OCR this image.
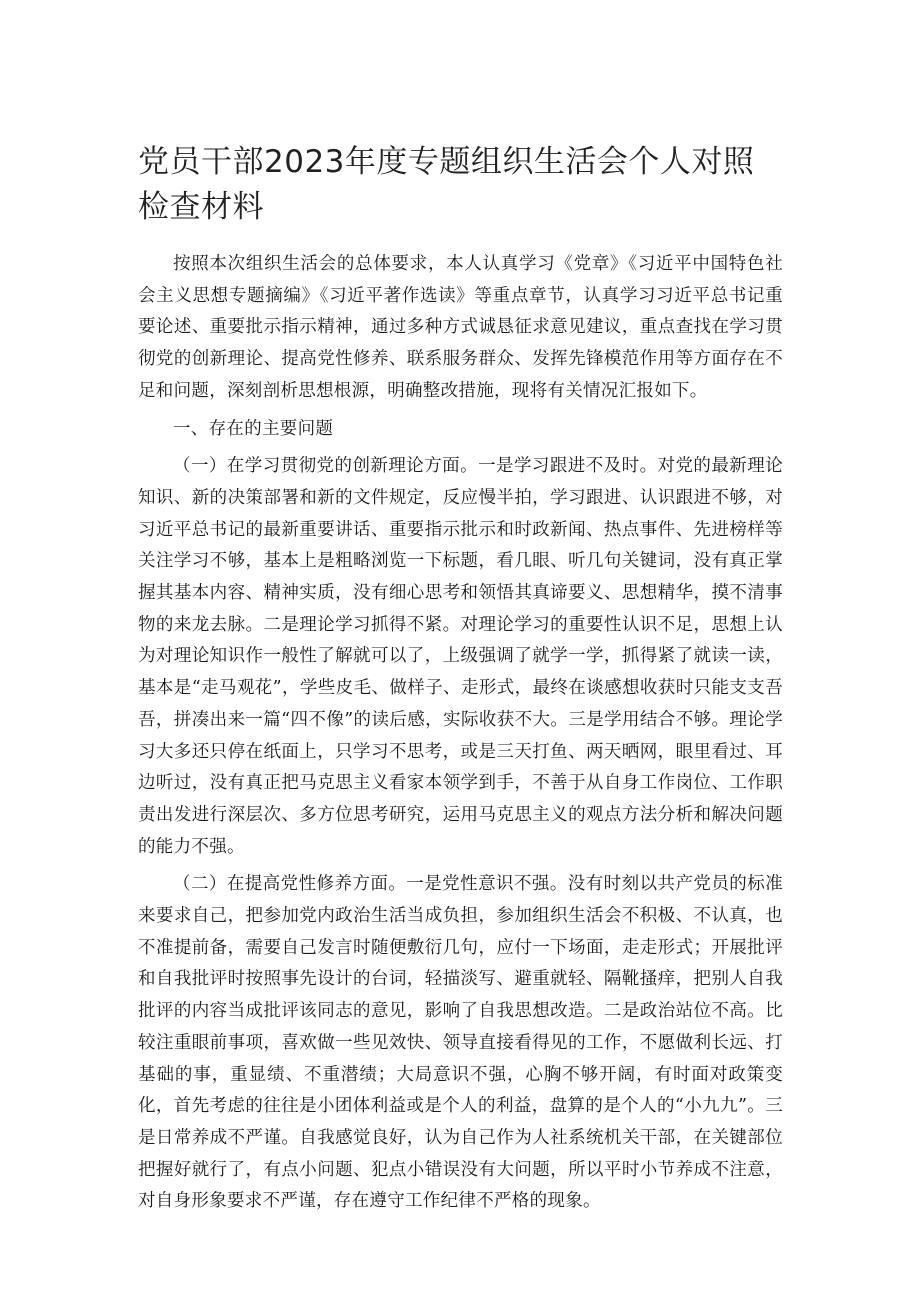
党员干部2023年度专题组织生活会个人对照检查材料

按照本次组织生活会的总体要求，本人认真学习《党章》《习近平中国特色社会主义思想专题摘编》《习近平著作选读》等重点章节，认真学习习近平总书记重要论述、重要批示指示精神，通过多种方式诚恳征求意见建议，重点查找在学习贯彻党的创新理论、提高党性修养、联系服务群众、发挥先锋模范作用等方面存在不足和问题，深刻剖析思想根源，明确整改措施，现将有关情况汇报如下。

一、存在的主要问题

（一）在学习贯彻党的创新理论方面。一是学习跟进不及时。对党的最新理论知识、新的决策部署和新的文件规定，反应慢半拍，学习跟进、认识跟进不够，对习近平总书记的最新重要讲话、重要指示批示和时政新闻、热点事件、先进榜样等关注学习不够，基本上是粗略浏览一下标题，看几眼、听几句关键词，没有真正掌握其基本内容、精神实质，没有细心思考和领悟其真谛要义、思想精华，摸不清事物的来龙去脉。二是理论学习抓得不紧。对理论学习的重要性认识不足，思想上认为对理论知识作一般性了解就可以了，上级强调了就学一学，抓得紧了就读一读，基本是“走马观花”，学些皮毛、做样子、走形式，最终在谈感想收获时只能支支吾吾，拼凑出来一篇“四不像”的读后感，实际收获不大。三是学用结合不够。理论学习大多还只停在纸面上，只学习不思考，或是三天打鱼、两天晒网，眼里看过、耳边听过，没有真正把马克思主义看家本领学到手，不善于从自身工作岗位、工作职责出发进行深层次、多方位思考研究，运用马克思主义的观点方法分析和解决问题的能力不强。

（二）在提高党性修养方面。一是党性意识不强。没有时刻以共产党员的标准来要求自己，把参加党内政治生活当成负担，参加组织生活会不积极、不认真，也不准提前备，需要自己发言时随便敷衍几句，应付一下场面，走走形式；开展批评和自我批评时按照事先设计的台词，轻描淡写、避重就轻、隔靴搔痒，把别人自我批评的内容当成批评该同志的意见，影响了自我思想改造。二是政治站位不高。比较注重眼前事项，喜欢做一些见效快、领导直接看得见的工作，不愿做利长远、打基础的事，重显绩、不重潜绩；大局意识不强，心胸不够开阔，有时面对政策变化，首先考虑的往往是小团体利益或是个人的利益，盘算的是个人的“小九九”。三是日常养成不严谨。自我感觉良好，认为自己作为人社系统机关干部，在关键部位把握好就行了，有点小问题、犯点小错误没有大问题，所以平时小节养成不注意，对自身形象要求不严谨，存在遵守工作纪律不严格的现象。
